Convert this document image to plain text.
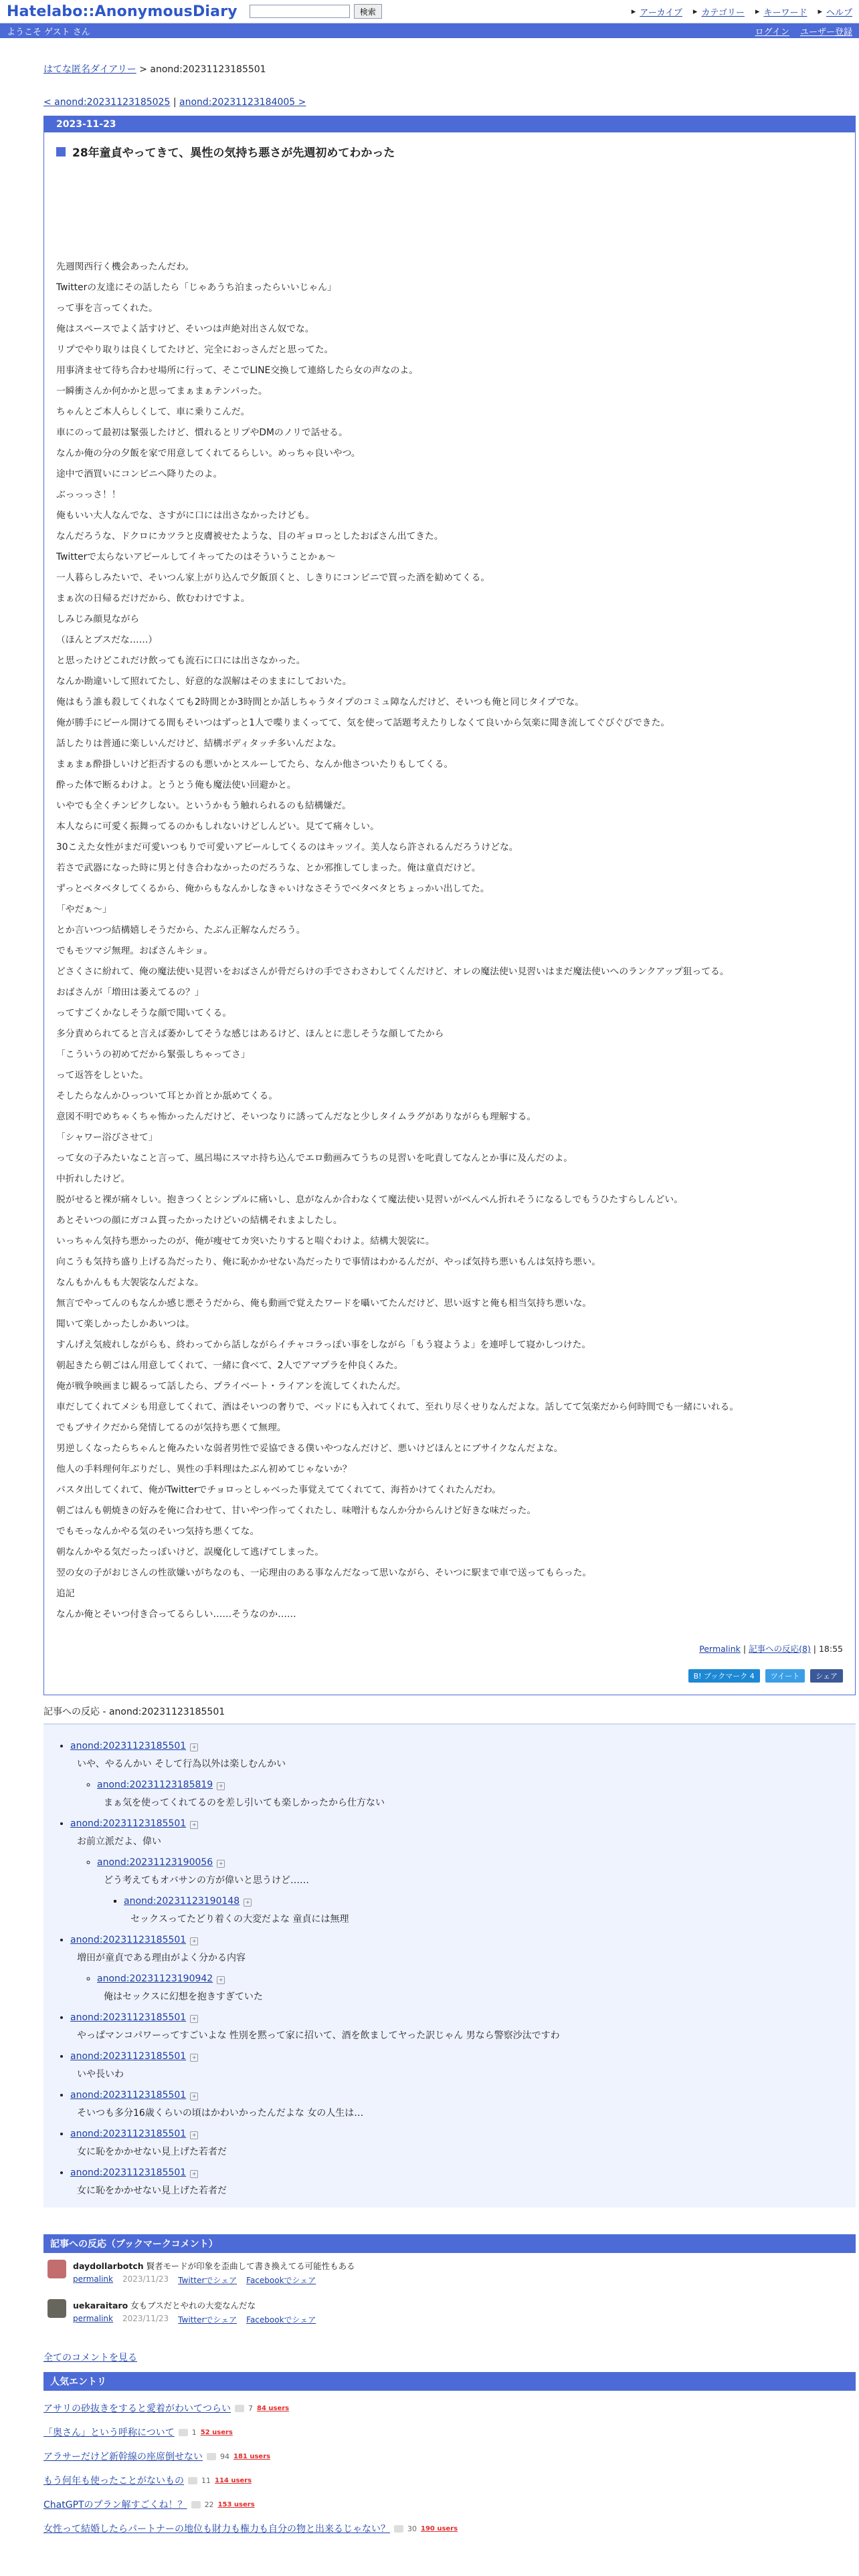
Hatelabo::AnonymousDiary	検索	▸ アーカイブ ▸ カテゴリー ▸ キーワード ▸ ヘルプ
ようこそ ゲスト さん	ログイン ユーザー登録
はてな匿名ダイアリー > anond:20231123185501
< anond:20231123185025 | anond:20231123184005 >
2023-11-23
28年童貞やってきて、異性の気持ち悪さが先週初めてわかった

先週関西行く機会あったんだわ。

Twitterの友達にその話したら「じゃあうち泊まったらいいじゃん」

って事を言ってくれた。

俺はスペースでよく話すけど、そいつは声絶対出さん奴でな。

リプでやり取りは良くしてたけど、完全におっさんだと思ってた。

用事済ませて待ち合わせ場所に行って、そこでLINE交換して連絡したら女の声なのよ。

一瞬衝さんか何かかと思ってまぁまぁテンパった。

ちゃんとご本人らしくして、車に乗りこんだ。

車にのって最初は緊張したけど、慣れるとリプやDMのノリで話せる。

なんか俺の分の夕飯を家で用意してくれてるらしい。めっちゃ良いやつ。

途中で酒買いにコンビニへ降りたのよ。

ぶっっっさ！！

俺もいい大人なんでな、さすがに口には出さなかったけども。

なんだろうな、ドクロにカツラと皮膚被せたような、目のギョロっとしたおばさん出てきた。

Twitterで太らないアピールしてイキってたのはそういうことかぁ〜

一人暮らしみたいで、そいつん家上がり込んで夕飯頂くと、しきりにコンビニで買った酒を勧めてくる。

まぁ次の日帰るだけだから、飲むわけですよ。

しみじみ顔見ながら

（ほんとブスだな……）

と思ったけどこれだけ飲っても流石に口には出さなかった。

なんか勘違いして照れてたし、好意的な誤解はそのままにしておいた。

俺はもう誰も殺してくれなくても2時間とか3時間とか話しちゃうタイプのコミュ障なんだけど、そいつも俺と同じタイプでな。

俺が勝手にビール開けてる間もそいつはずっと1人で喋りまくってて、気を使って話題考えたりしなくて良いから気楽に聞き流してぐびぐびできた。

話したりは普通に楽しいんだけど、結構ボディタッチ多いんだよな。

まぁまぁ酔掛しいけど拒否するのも悪いかとスルーしてたら、なんか他さついたりもしてくる。

酔った体で断るわけよ。とうとう俺も魔法使い回避かと。

いやでも全くチンピクしない。というかもう触れられるのも結構嫌だ。

本人ならに可愛く振舞ってるのかもしれないけどしんどい。見てて痛々しい。

30こえた女性がまだ可愛いつもりで可愛いアピールしてくるのはキッツイ。美人なら許されるんだろうけどな。

若さで武器になった時に男と付き合わなかったのだろうな、とか邪推してしまった。俺は童貞だけど。

ずっとベタベタしてくるから、俺からもなんかしなきゃいけなさそうでベタベタとちょっかい出してた。

「やだぁ〜」

とか言いつつ結構嬉しそうだから、たぶん正解なんだろう。

でもモツマジ無理。おばさんキショ。

どさくさに紛れて、俺の魔法使い見習いをおばさんが骨だらけの手でさわさわしてくんだけど、オレの魔法使い見習いはまだ魔法使いへのランクアップ狙ってる。

おばさんが「増田は萎えてるの？」

ってすごくかなしそうな顔で聞いてくる。

多分責められてると言えば萎かしてそうな感じはあるけど、ほんとに悲しそうな顔してたから

「こういうの初めてだから緊張しちゃってさ」

って返答をしといた。

そしたらなんかひっついて耳とか首とか舐めてくる。

意図不明でめちゃくちゃ怖かったんだけど、そいつなりに誘ってんだなと少しタイムラグがありながらも理解する。

「シャワー浴びさせて」

って女の子みたいなこと言って、風呂場にスマホ持ち込んでエロ動画みてうちの見習いを叱責してなんとか事に及んだのよ。

中折れしたけど。

脱がせると裸が痛々しい。抱きつくとシンプルに痛いし、息がなんか合わなくて魔法使い見習いがぺんぺん折れそうになるしでもうひたすらしんどい。

あとそいつの顔にガコム貫ったかったけどいの結構それまよしたし。

いっちゃん気持ち悪かったのが、俺が痩せてカ突いたりすると喘ぐわけよ。結構大袈裟に。

向こうも気持ち盛り上げる為だったり、俺に恥かかせない為だったりで事情はわかるんだが、やっぱ気持ち悪いもんは気持ち悪い。

なんもかんもも大袈裟なんだよな。

無言でやってんのもなんか感じ悪そうだから、俺も動画で覚えたワードを囁いてたんだけど、思い返すと俺も相当気持ち悪いな。

聞いて楽しかったしかあいつは。

すんげえ気疲れしながらも、終わってから話しながらイチャコラっぽい事をしながら「もう寝ようよ」を連呼して寝かしつけた。

朝起きたら朝ごはん用意してくれて、一緒に食べて、2人でアマプラを仲良くみた。

俺が戦争映画まじ観るって話したら、プライベート・ライアンを流してくれたんだ。

車だしてくれてメシも用意してくれて、酒はそいつの奢りで、ベッドにも入れてくれて、至れり尽くせりなんだよな。話してて気楽だから何時間でも一緒にいれる。

でもブサイクだから発情してるのが気持ち悪くて無理。

男逆しくなったらちゃんと俺みたいな弱者男性で妥協できる僕いやつなんだけど、悪いけどほんとにブサイクなんだよな。

他人の手料理何年ぶりだし、異性の手料理はたぶん初めてじゃないか？

パスタ出してくれて、俺がTwitterでチョロっとしゃべった事覚えててくれてて、海苔かけてくれたんだわ。

朝ごはんも朝焼きの好みを俺に合わせて、甘いやつ作ってくれたし、味噌汁もなんか分からんけど好きな味だった。

でもモっなんかやる気のそいつ気持ち悪くてな。

朝なんかやる気だったっぽいけど、誤魔化して逃げてしまった。

翌の女の子がおじさんの性欲嫌いがちなのも、一応理由のある事なんだなって思いながら、そいつに駅まで車で送ってもらった。

追記

なんか俺とそいつ付き合ってるらしい……そうなのか……

Permalink | 記事への反応(8) | 18:55
B! ブックマーク 4	ツイート	シェア
記事への反応 - anond:20231123185501
• anond:20231123185501 +
いや、やるんかい そして行為以外は楽しむんかい
◦ anond:20231123185819 +
まぁ気を使ってくれてるのを差し引いても楽しかったから仕方ない
• anond:20231123185501 +
お前立派だよ、偉い
◦ anond:20231123190056 +
どう考えてもオバサンの方が偉いと思うけど……
▪ anond:20231123190148 +
セックスってたどり着くの大変だよな 童貞には無理
• anond:20231123185501 +
増田が童貞である理由がよく分かる内容
◦ anond:20231123190942 +
俺はセックスに幻想を抱きすぎていた
• anond:20231123185501 +
やっぱマンコパワーってすごいよな 性別を黙って家に招いて、酒を飲ましてヤった訳じゃん 男なら警察沙汰ですわ
• anond:20231123185501 +
いや長いわ
• anond:20231123185501 +
そいつも多分16歳くらいの頃はかわいかったんだよな 女の人生は…
• anond:20231123185501 +
女に恥をかかせない見上げた若者だ
• anond:20231123185501 +
女に恥をかかせない見上げた若者だ
記事への反応（ブックマークコメント）
daydollarbotch 賢者モードが印象を歪曲して書き換えてる可能性もある
permalink 2023/11/23 Twitterでシェア Facebookでシェア
uekaraitaro 女もブスだとやれの大変なんだな
permalink 2023/11/23 Twitterでシェア Facebookでシェア
全てのコメントを見る
人気エントリ
アサリの砂抜きをすると愛着がわいてつらい 7 84 users
「奥さん」という呼称について 1 52 users
アラサーだけど新幹線の座席倒せない 94 181 users
もう何年も使ったことがないもの 11 114 users
ChatGPTのプラン解すごくね！？ 22 153 users
女性って結婚したらパートナーの地位も財力も権力も自分の物と出来るじゃない？ 30 190 users
